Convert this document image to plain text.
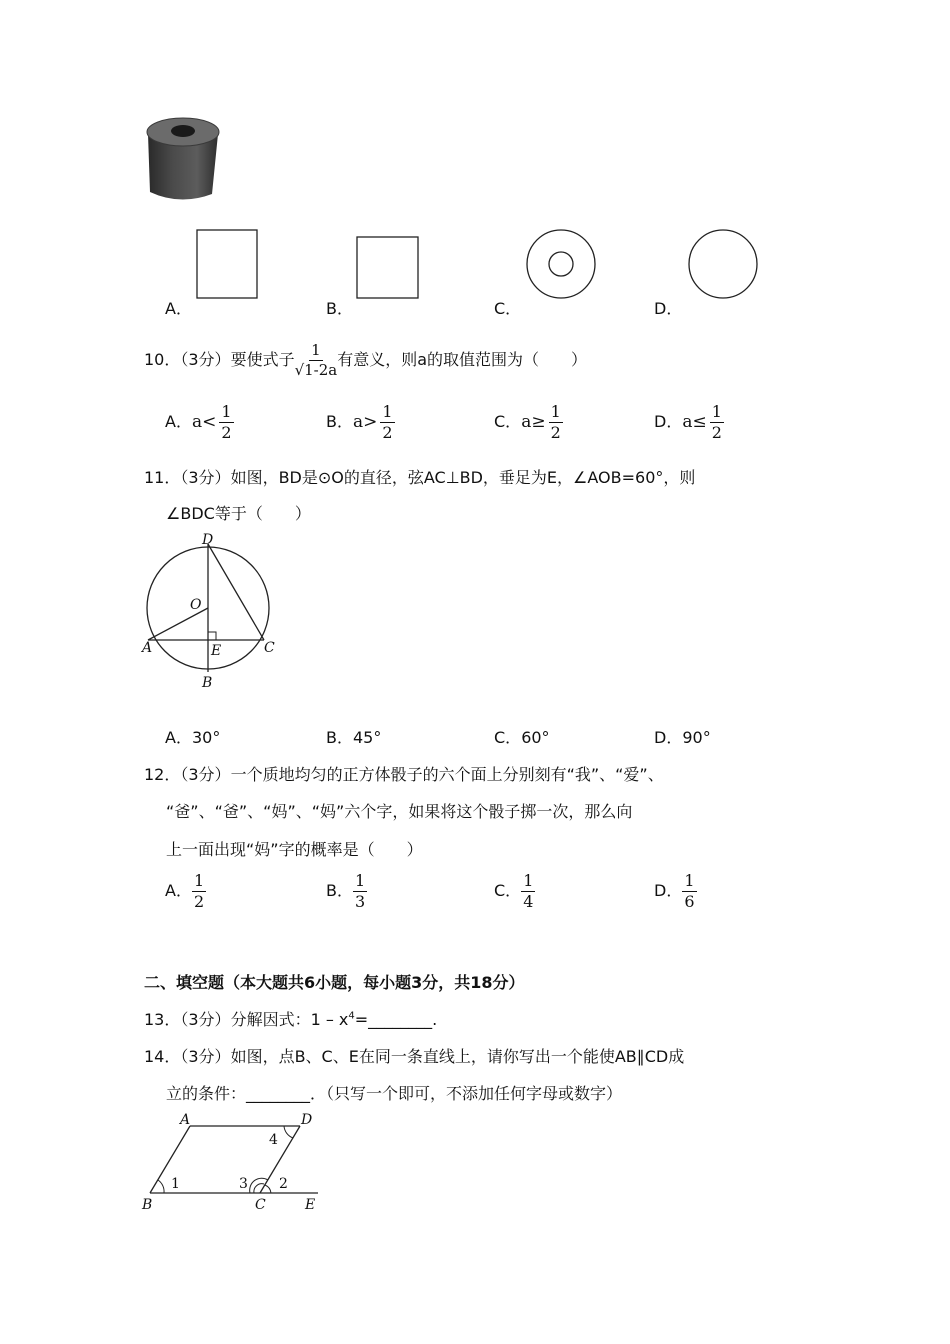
A．	B．	C．	D．
10．（3分）要使式子 $\frac{1}{√1-2a}$ 有意义，则a的取值范围为（　　）
A．$a< \frac{1}{2}$	B．$a> \frac{1}{2}$	C．$a\ge \frac{1}{2}$	D．$a\le \frac{1}{2}$
11．（3分）如图，BD是⊙O的直径，弦AC⊥BD，垂足为E，∠AOB=60°，则
∠BDC等于（　　）
D
O
A	E	C
B
A．30°	B．45°	C．60°	D．90°
12．（3分）一个质地均匀的正方体骰子的六个面上分别刻有“我”、“爱”、
“爸”、“爸”、“妈”、“妈”六个字，如果将这个骰子掷一次，那么向
上一面出现“妈”字的概率是（　　）
A． $\frac{1}{2}$	B． $\frac{1}{3}$	C． $\frac{1}{4}$	D． $\frac{1}{6}$
二、填空题（本大题共6小题，每小题3分，共18分）
13．（3分）分解因式：$1 - x^4=\_\_\_\_\_\_\_\_$.
14．（3分）如图，点B、C、E在同一条直线上，请你写出一个能使AB∥CD成
立的条件：________．（只写一个即可，不添加任何字母或数字）
A	D
B	C	E
1	2
3
4
